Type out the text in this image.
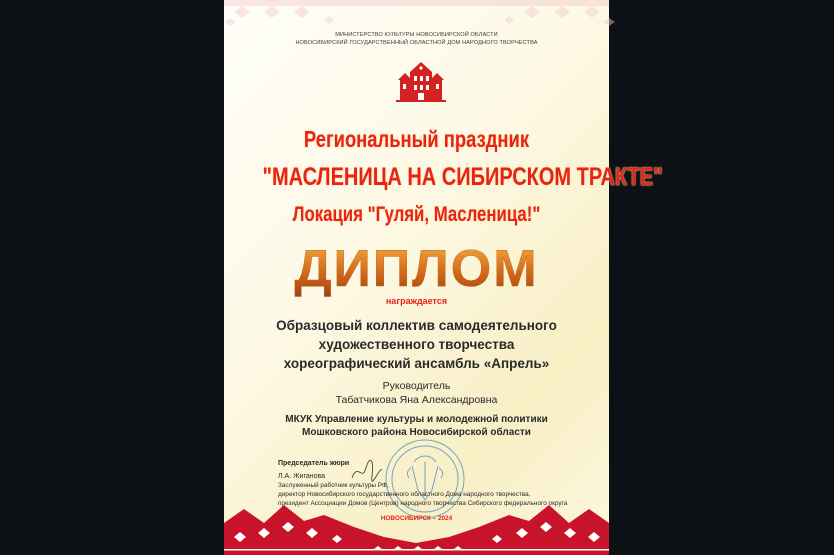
МИНИСТЕРСТВО КУЛЬТУРЫ НОВОСИБИРСКОЙ ОБЛАСТИ
НОВОСИБИРСКИЙ ГОСУДАРСТВЕННЫЙ ОБЛАСТНОЙ ДОМ НАРОДНОГО ТВОРЧЕСТВА
Региональный праздник
"МАСЛЕНИЦА НА СИБИРСКОМ ТРАКТЕ"
Локация "Гуляй, Масленица!"
ДИПЛОМ
награждается
Образцовый коллектив самодеятельного
художественного творчества
хореографический ансамбль «Апрель»
Руководитель
Табатчикова Яна Александровна
МКУК Управление культуры и молодежной политики
Мошковского района Новосибирской области
Председатель жюри
Л.А. Жиганова
Заслуженный работник культуры РФ,
директор Новосибирского государственного областного Дома народного творчества,
президент Ассоциации Домов (Центров) народного творчества Сибирского федерального округа
НОВОСИБИРСК – 2024
